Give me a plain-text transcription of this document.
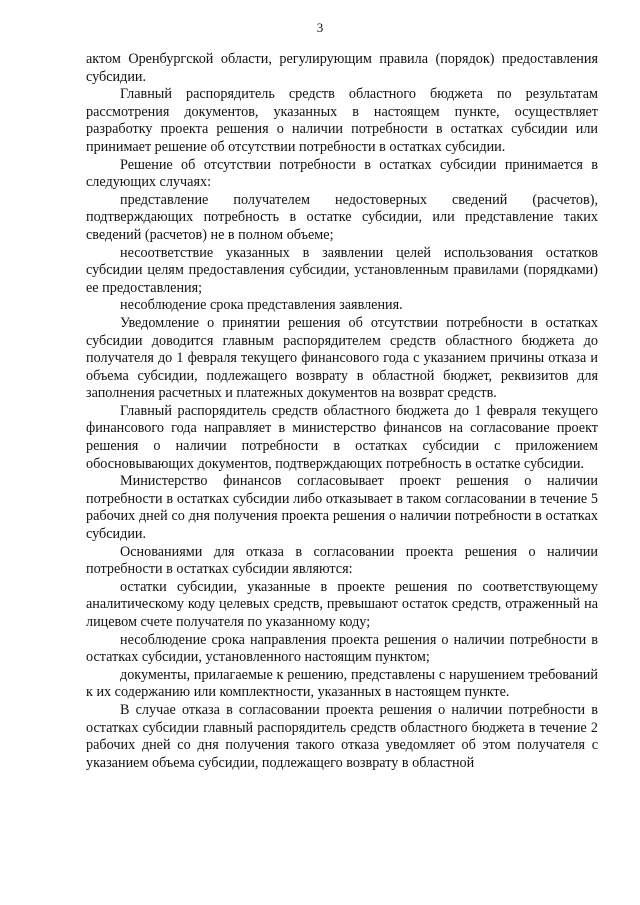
3

актом Оренбургской области, регулирующим правила (порядок) предоставления субсидии.

Главный распорядитель средств областного бюджета по результатам рассмотрения документов, указанных в настоящем пункте, осуществляет разработку проекта решения о наличии потребности в остатках субсидии или принимает решение об отсутствии потребности в остатках субсидии.

Решение об отсутствии потребности в остатках субсидии принимается в следующих случаях:

представление получателем недостоверных сведений (расчетов), подтверждающих потребность в остатке субсидии, или представление таких сведений (расчетов) не в полном объеме;

несоответствие указанных в заявлении целей использования остатков субсидии целям предоставления субсидии, установленным правилами (порядками) ее предоставления;

несоблюдение срока представления заявления.

Уведомление о принятии решения об отсутствии потребности в остатках субсидии доводится главным распорядителем средств областного бюджета до получателя до 1 февраля текущего финансового года с указанием причины отказа и объема субсидии, подлежащего возврату в областной бюджет, реквизитов для заполнения расчетных и платежных документов на возврат средств.

Главный распорядитель средств областного бюджета до 1 февраля текущего финансового года направляет в министерство финансов на согласование проект решения о наличии потребности в остатках субсидии с приложением обосновывающих документов, подтверждающих потребность в остатке субсидии.

Министерство финансов согласовывает проект решения о наличии потребности в остатках субсидии либо отказывает в таком согласовании в течение 5 рабочих дней со дня получения проекта решения о наличии потребности в остатках субсидии.

Основаниями для отказа в согласовании проекта решения о наличии потребности в остатках субсидии являются:

остатки субсидии, указанные в проекте решения по соответствующему аналитическому коду целевых средств, превышают остаток средств, отраженный на лицевом счете получателя по указанному коду;

несоблюдение срока направления проекта решения о наличии потребности в остатках субсидии, установленного настоящим пунктом;

документы, прилагаемые к решению, представлены с нарушением требований к их содержанию или комплектности, указанных в настоящем пункте.

В случае отказа в согласовании проекта решения о наличии потребности в остатках субсидии главный распорядитель средств областного бюджета в течение 2 рабочих дней со дня получения такого отказа уведомляет об этом получателя с указанием объема субсидии, подлежащего возврату в областной
